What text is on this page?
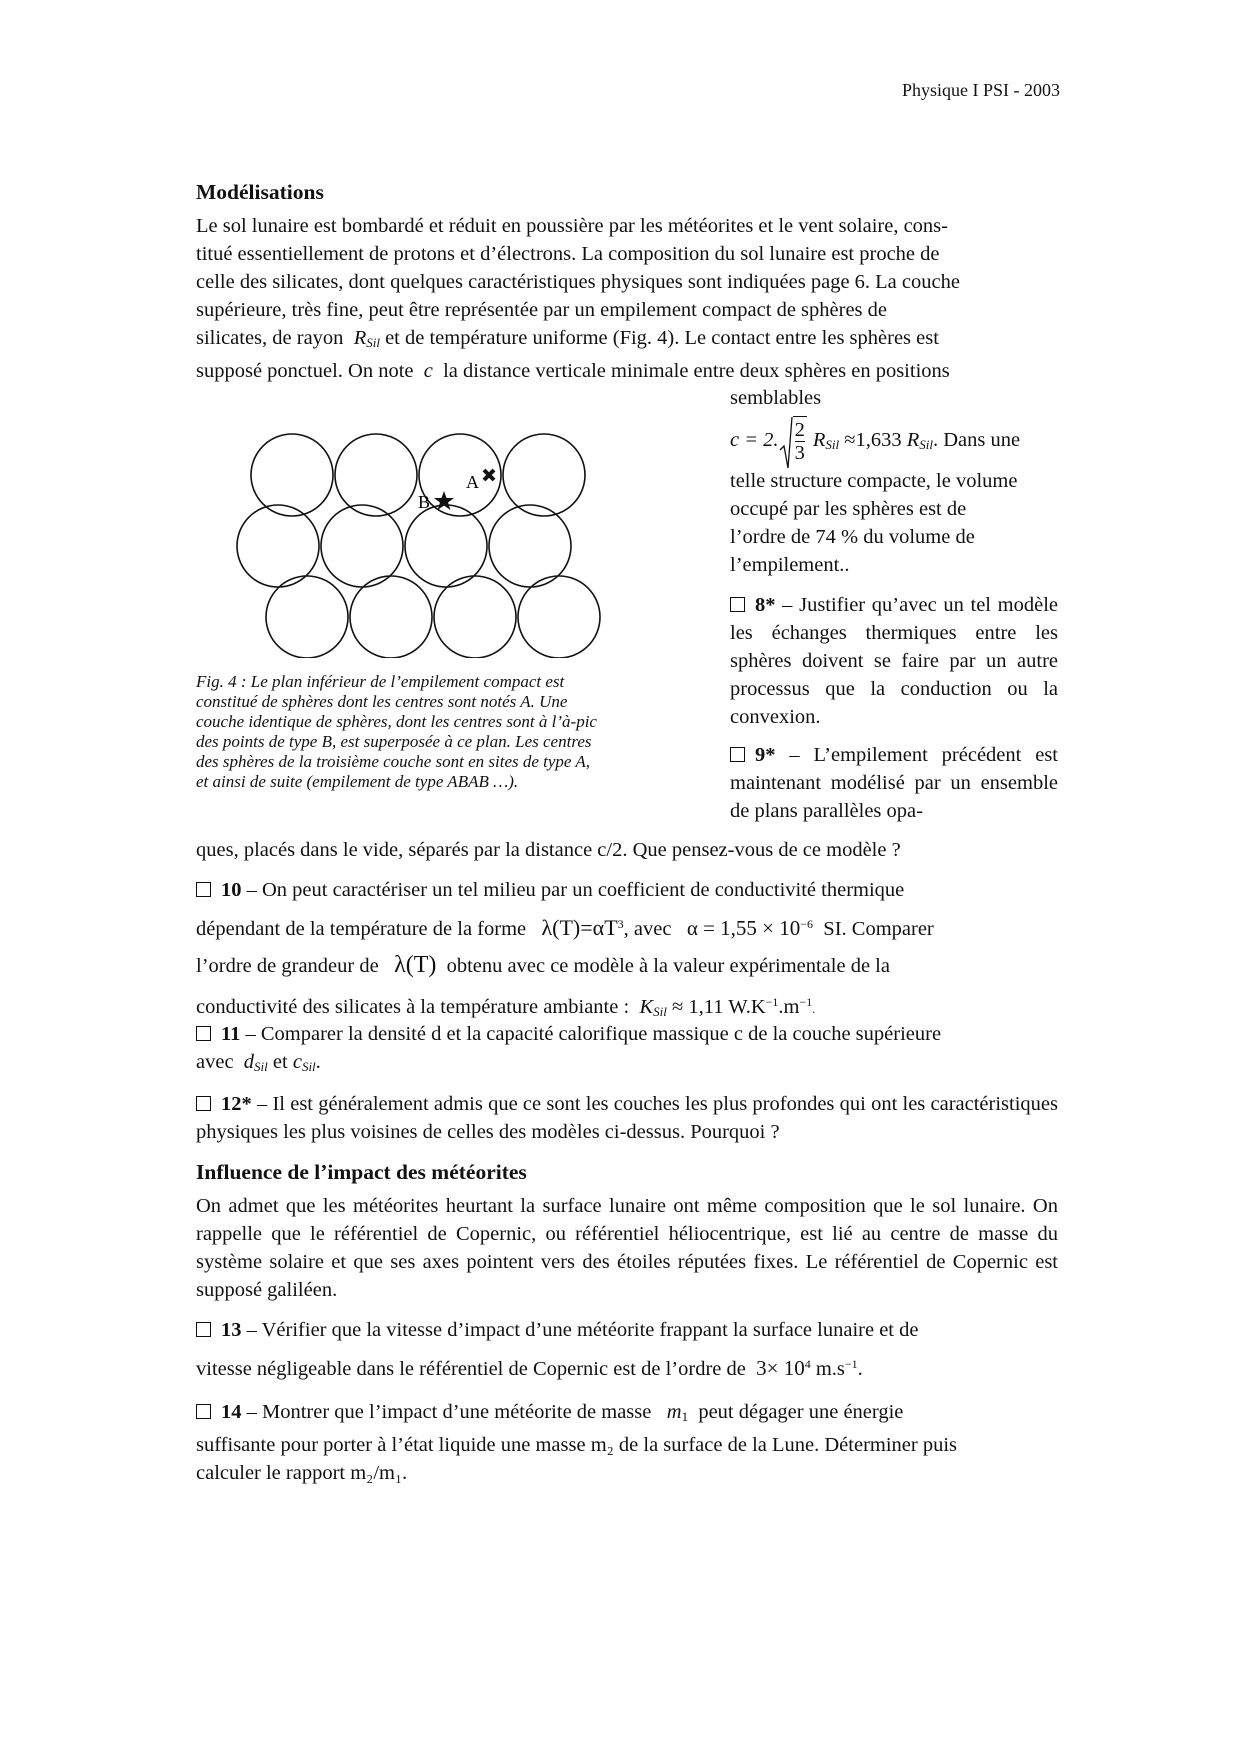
Physique I PSI - 2003
Modélisations

Le sol lunaire est bombardé et réduit en poussière par les météorites et le vent solaire, cons-

titué essentiellement de protons et d’électrons. La composition du sol lunaire est proche de

celle des silicates, dont quelques caractéristiques physiques sont indiquées page 6. La couche

supérieure, très fine, peut être représentée par un empilement compact de sphères de

silicates, de rayon $R_{Sil}$ et de température uniforme (Fig. 4). Le contact entre les sphères est

supposé ponctuel. On note c la distance verticale minimale entre deux sphères en positions

A
B
Fig. 4 : Le plan inférieur de l’empilement compact est
constitué de sphères dont les centres sont notés A. Une
couche identique de sphères, dont les centres sont à l’à-pic
des points de type B, est superposée à ce plan. Les centres
des sphères de la troisième couche sont en sites de type A,
et ainsi de suite (empilement de type ABAB …).

semblables

c = 2. $\frac{2}{3} R_{Sil} \approx 1,633$ $R_{Sil}$. Dans une

telle structure compacte, le volume

occupé par les sphères est de

l’ordre de 74 % du volume de

l’empilement..

8* – Justifier qu’avec un tel modèle les échanges thermiques entre les sphères doivent se faire par un autre processus que la conduction ou la convexion.

9* – L’empilement précédent est maintenant modélisé par un ensemble de plans parallèles opa-

ques, placés dans le vide, séparés par la distance c/2. Que pensez-vous de ce modèle ?

10 – On peut caractériser un tel milieu par un coefficient de conductivité thermique

dépendant de la température de la forme $\lambda(T)=\alpha T^3$, avec $\alpha = 1,55 \times 10^{-6}$ SI. Comparer

l’ordre de grandeur de λ(T) obtenu avec ce modèle à la valeur expérimentale de la

conductivité des silicates à la température ambiante : $K_{Sil} \approx 1,11$ $W.K^{-1}.m^{-1}$.

11 – Comparer la densité d et la capacité calorifique massique c de la couche supérieure

avec $d_{Sil}$ et $c_{Sil}$.

12* – Il est généralement admis que ce sont les couches les plus profondes qui ont les caractéristiques physiques les plus voisines de celles des modèles ci-dessus. Pourquoi ?

Influence de l’impact des météorites

On admet que les météorites heurtant la surface lunaire ont même composition que le sol lunaire. On rappelle que le référentiel de Copernic, ou référentiel héliocentrique, est lié au centre de masse du système solaire et que ses axes pointent vers des étoiles réputées fixes. Le référentiel de Copernic est supposé galiléen.

13 – Vérifier que la vitesse d’impact d’une météorite frappant la surface lunaire et de

vitesse négligeable dans le référentiel de Copernic est de l’ordre de $3\times 10^4$ $m.s^{-1}$.

14 – Montrer que l’impact d’une météorite de masse $m_1$ peut dégager une énergie

suffisante pour porter à l’état liquide une masse m₂ de la surface de la Lune. Déterminer puis

calculer le rapport m₂/m₁.
